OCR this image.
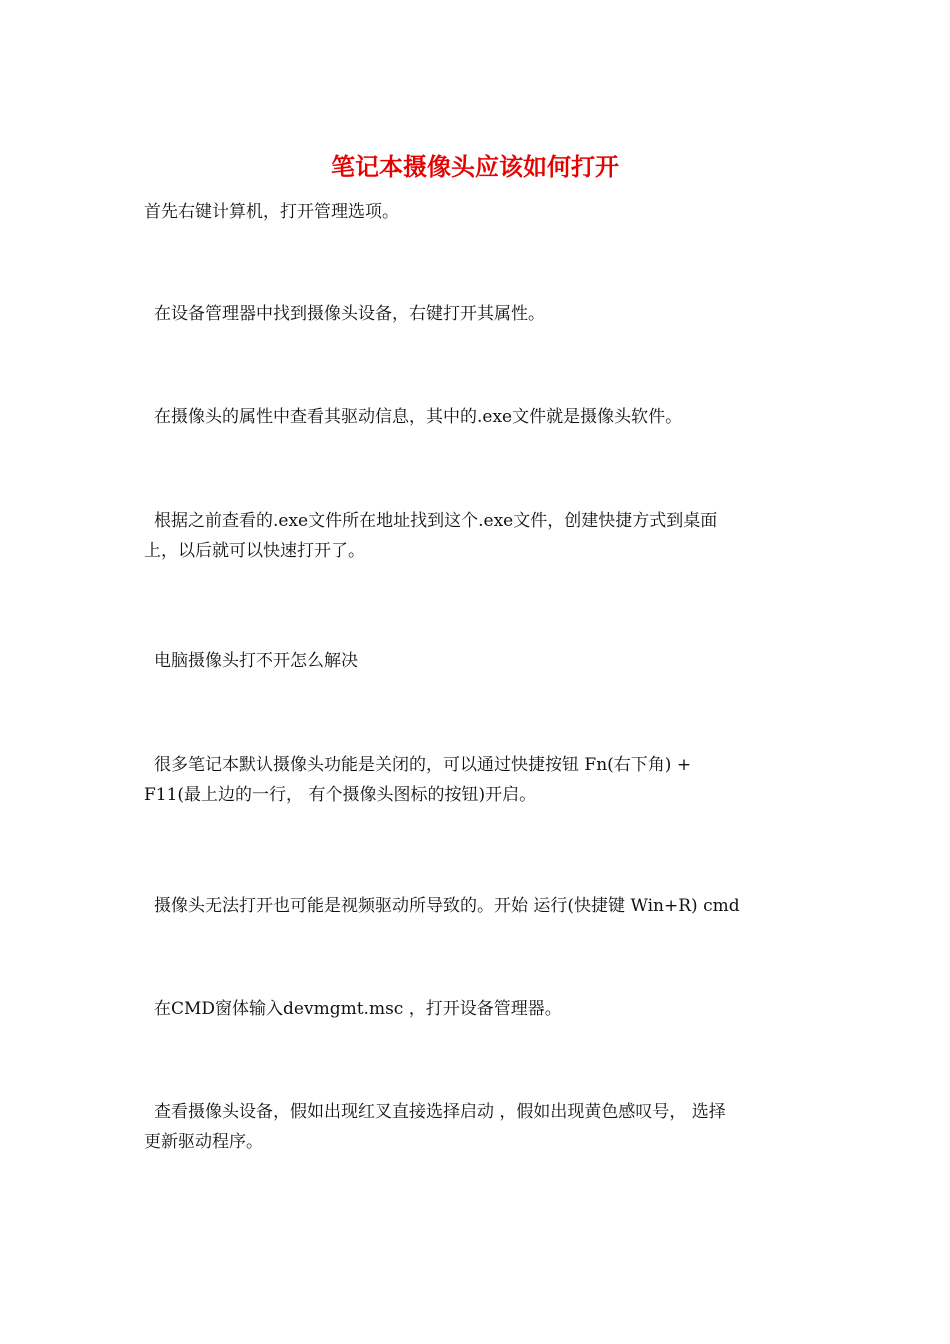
笔记本摄像头应该如何打开
首先右键计算机，打开管理选项。
在设备管理器中找到摄像头设备，右键打开其属性。
在摄像头的属性中查看其驱动信息，其中的.exe文件就是摄像头软件。
根据之前查看的.exe文件所在地址找到这个.exe文件，创建快捷方式到桌面
上，以后就可以快速打开了。
电脑摄像头打不开怎么解决
很多笔记本默认摄像头功能是关闭的，可以通过快捷按钮 Fn(右下角) +
F11(最上边的一行， 有个摄像头图标的按钮)开启。
摄像头无法打开也可能是视频驱动所导致的。开始 运行(快捷键 Win+R) cmd
在CMD窗体输入devmgmt.msc ，打开设备管理器。
查看摄像头设备，假如出现红叉直接选择启动 ，假如出现黄色感叹号， 选择
更新驱动程序。
